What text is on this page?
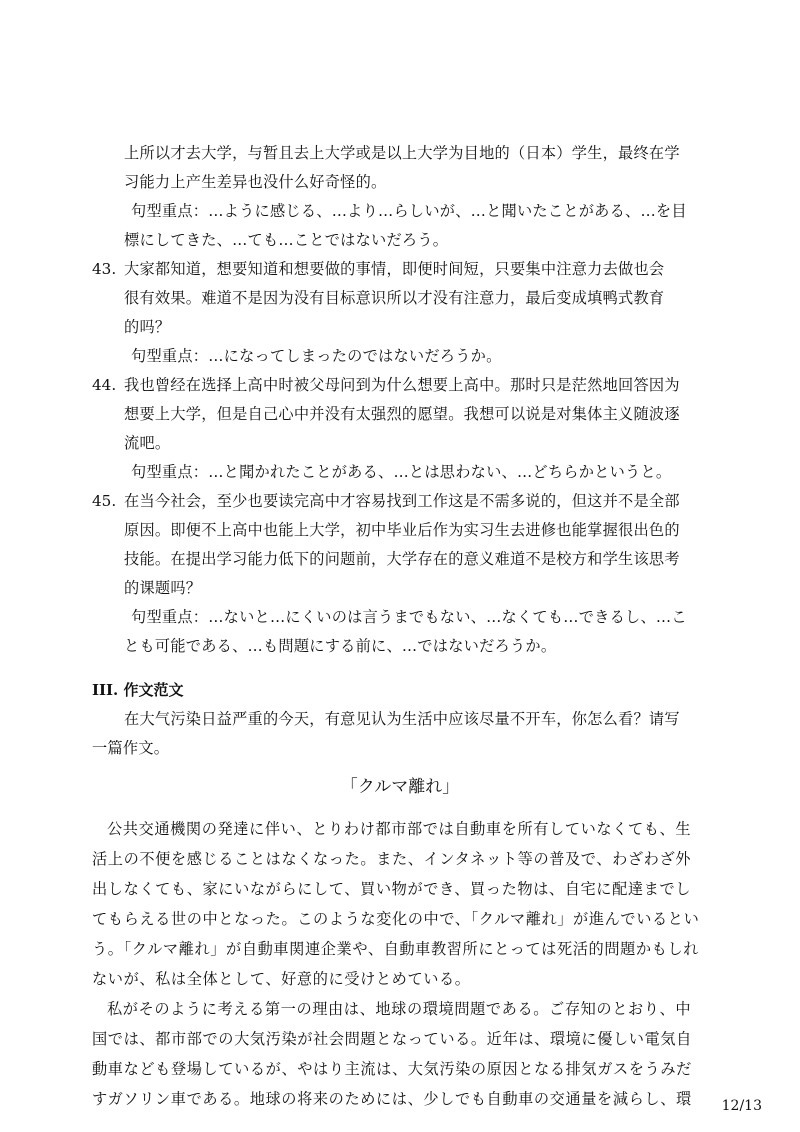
上所以才去大学，与暂且去上大学或是以上大学为目地的（日本）学生，最终在学
习能力上产生差异也没什么好奇怪的。
句型重点：…ように感じる、…より…らしいが、…と聞いたことがある、…を目
標にしてきた、…ても…ことではないだろう。
43. 大家都知道，想要知道和想要做的事情，即便时间短，只要集中注意力去做也会
很有效果。难道不是因为没有目标意识所以才没有注意力，最后变成填鸭式教育
的吗？
句型重点：…になってしまったのではないだろうか。
44. 我也曾经在选择上高中时被父母问到为什么想要上高中。那时只是茫然地回答因为
想要上大学，但是自己心中并没有太强烈的愿望。我想可以说是对集体主义随波逐
流吧。
句型重点：…と聞かれたことがある、…とは思わない、…どちらかというと。
45. 在当今社会，至少也要读完高中才容易找到工作这是不需多说的，但这并不是全部
原因。即便不上高中也能上大学，初中毕业后作为实习生去进修也能掌握很出色的
技能。在提出学习能力低下的问题前，大学存在的意义难道不是校方和学生该思考
的课题吗？
句型重点：…ないと…にくいのは言うまでもない、…なくても…できるし、…こ
とも可能である、…も問題にする前に、…ではないだろうか。
III. 作文范文
在大气污染日益严重的今天，有意见认为生活中应该尽量不开车，你怎么看？请写
一篇作文。
「クルマ離れ」
公共交通機関の発達に伴い、とりわけ都市部では自動車を所有していなくても、生
活上の不便を感じることはなくなった。また、インタネット等の普及で、わざわざ外
出しなくても、家にいながらにして、買い物ができ、買った物は、自宅に配達までし
てもらえる世の中となった。このような変化の中で、「クルマ離れ」が進んでいるとい
う。「クルマ離れ」が自動車関連企業や、自動車教習所にとっては死活的問題かもしれ
ないが、私は全体として、好意的に受けとめている。
私がそのように考える第一の理由は、地球の環境問題である。ご存知のとおり、中
国では、都市部での大気汚染が社会問題となっている。近年は、環境に優しい電気自
動車なども登場しているが、やはり主流は、大気汚染の原因となる排気ガスをうみだ
すガソリン車である。地球の将来のためには、少しでも自動車の交通量を減らし、環 12/13
